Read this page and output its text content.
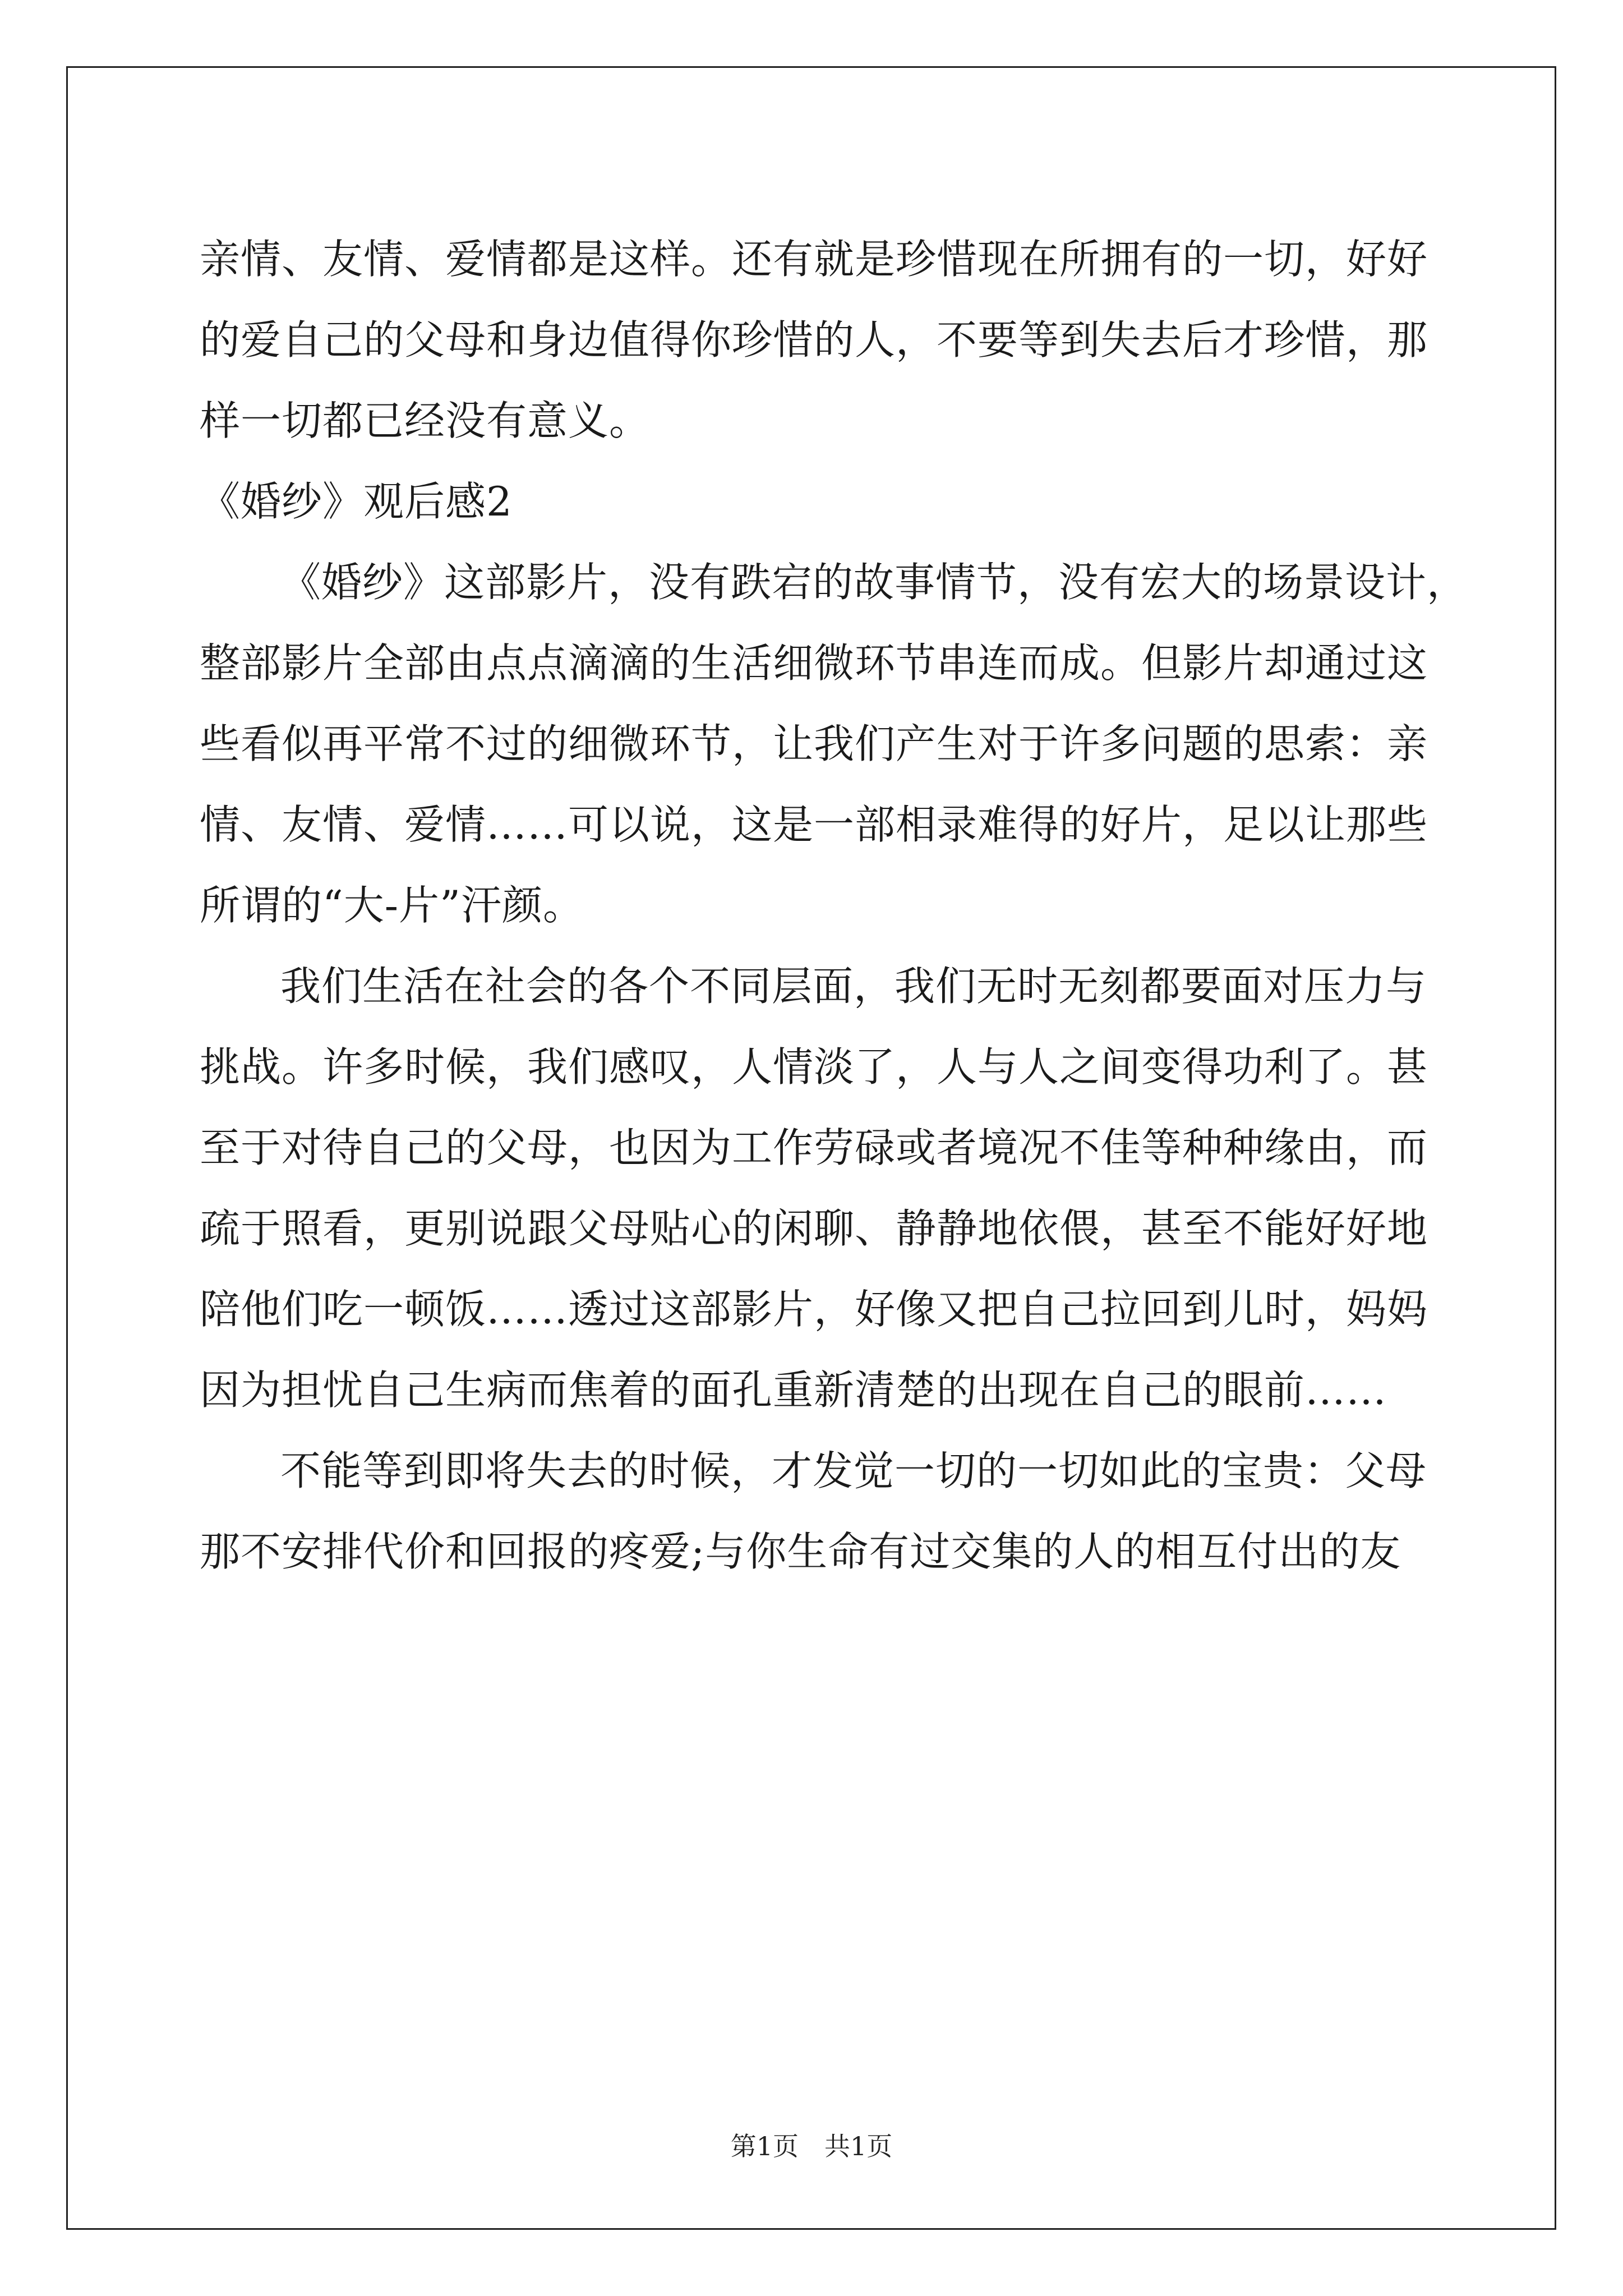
亲情、友情、爱情都是这样。还有就是珍惜现在所拥有的一切，好好
的爱自己的父母和身边值得你珍惜的人，不要等到失去后才珍惜，那
样一切都已经没有意义。
《婚纱》观后感2
《婚纱》这部影片，没有跌宕的故事情节，没有宏大的场景设计，
整部影片全部由点点滴滴的生活细微环节串连而成。但影片却通过这
些看似再平常不过的细微环节，让我们产生对于许多问题的思索：亲
情、友情、爱情……可以说，这是一部相录难得的好片，足以让那些
所谓的“大-片”汗颜。
我们生活在社会的各个不同层面，我们无时无刻都要面对压力与
挑战。许多时候，我们感叹，人情淡了，人与人之间变得功利了。甚
至于对待自己的父母，也因为工作劳碌或者境况不佳等种种缘由，而
疏于照看，更别说跟父母贴心的闲聊、静静地依偎，甚至不能好好地
陪他们吃一顿饭……透过这部影片，好像又把自己拉回到儿时，妈妈
因为担忧自己生病而焦着的面孔重新清楚的出现在自己的眼前……
不能等到即将失去的时候，才发觉一切的一切如此的宝贵：父母
那不安排代价和回报的疼爱;与你生命有过交集的人的相互付出的友
第1页　共1页
